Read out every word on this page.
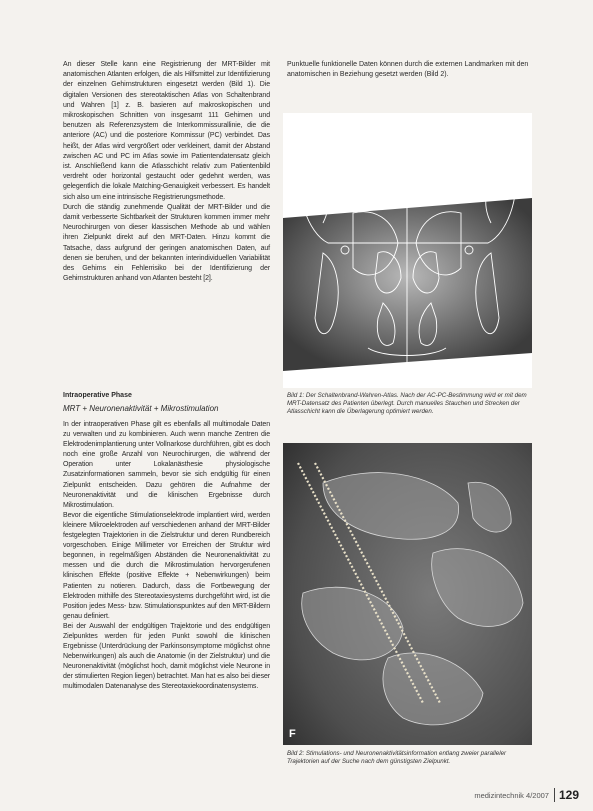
An dieser Stelle kann eine Registrierung der MRT-Bilder mit anatomischen Atlanten erfolgen, die als Hilfsmittel zur Identifizierung der einzelnen Gehirnstrukturen eingesetzt werden (Bild 1). Die digitalen Versionen des stereotaktischen Atlas von Schaltenbrand und Wahren [1] z. B. basieren auf makroskopischen und mikroskopischen Schnitten von insgesamt 111 Gehirnen und benutzen als Referenzsystem die Interkommissurallinie, die die anteriore (AC) und die posteriore Kommissur (PC) verbindet. Das heißt, der Atlas wird vergrößert oder verkleinert, damit der Abstand zwischen AC und PC im Atlas sowie im Patientendatensatz gleich ist. Anschließend kann die Atlasschicht relativ zum Patientenbild verdreht oder horizontal gestaucht oder gedehnt werden, was gelegentlich die lokale Matching-Genauigkeit verbessert. Es handelt sich also um eine intrinsische Registrierungsmethode.

Durch die ständig zunehmende Qualität der MRT-Bilder und die damit verbesserte Sichtbarkeit der Strukturen kommen immer mehr Neurochirurgen von dieser klassischen Methode ab und wählen ihren Zielpunkt direkt auf den MRT-Daten. Hinzu kommt die Tatsache, dass aufgrund der geringen anatomischen Daten, auf denen sie beruhen, und der bekannten interindividuellen Variabilität des Gehirns ein Fehlerrisiko bei der Identifizierung der Gehirnstrukturen anhand von Atlanten besteht [2].

Intraoperative Phase
MRT + Neuronenaktivität + Mikrostimulation

In der intraoperativen Phase gilt es ebenfalls all multimodale Daten zu verwalten und zu kombinieren. Auch wenn manche Zentren die Elektrodenimplantierung unter Vollnarkose durchführen, gibt es doch noch eine große Anzahl von Neurochirurgen, die während der Operation unter Lokalanästhesie physiologische Zusatzinformationen sammeln, bevor sie sich endgültig für einen Zielpunkt entscheiden. Dazu gehören die Aufnahme der Neuronenaktivität und die klinischen Ergebnisse durch Mikrostimulation.

Bevor die eigentliche Stimulationselektrode implantiert wird, werden kleinere Mikroelektroden auf verschiedenen anhand der MRT-Bilder festgelegten Trajektorien in die Zielstruktur und deren Rundbereich vorgeschoben. Einige Millimeter vor Erreichen der Struktur wird begonnen, in regelmäßigen Abständen die Neuronenaktivität zu messen und die durch die Mikrostimulation hervorgerufenen klinischen Effekte (positive Effekte + Nebenwirkungen) beim Patienten zu notieren. Dadurch, dass die Fortbewegung der Elektroden mithilfe des Stereotaxiesystems durchgeführt wird, ist die Position jedes Mess- bzw. Stimulationspunktes auf den MRT-Bildern genau definiert.

Bei der Auswahl der endgültigen Trajektorie und des endgültigen Zielpunktes werden für jeden Punkt sowohl die klinischen Ergebnisse (Unterdrückung der Parkinsonsymptome möglichst ohne Nebenwirkungen) als auch die Anatomie (in der Zielstruktur) und die Neuronenaktivität (möglichst hoch, damit möglichst viele Neurone in der stimulierten Region liegen) betrachtet. Man hat es also bei dieser multimodalen Datenanalyse des Stereotaxiekoordinatensystems.

Punktuelle funktionelle Daten können durch die externen Landmarken mit den anatomischen in Beziehung gesetzt werden (Bild 2).
Bild 1: Der Schaltenbrand-Wahren-Atlas. Nach der AC-PC-Bestimmung wird er mit dem MRT-Datensatz des Patienten überlegt. Durch manuelles Stauchen und Strecken der Atlasschicht kann die Überlagerung optimiert werden.
F
Bild 2: Stimulations- und Neuronenaktivitätsinformation entlang zweier paralleler Trajektorien auf der Suche nach dem günstigsten Zielpunkt.
medizintechnik 4/2007 129
